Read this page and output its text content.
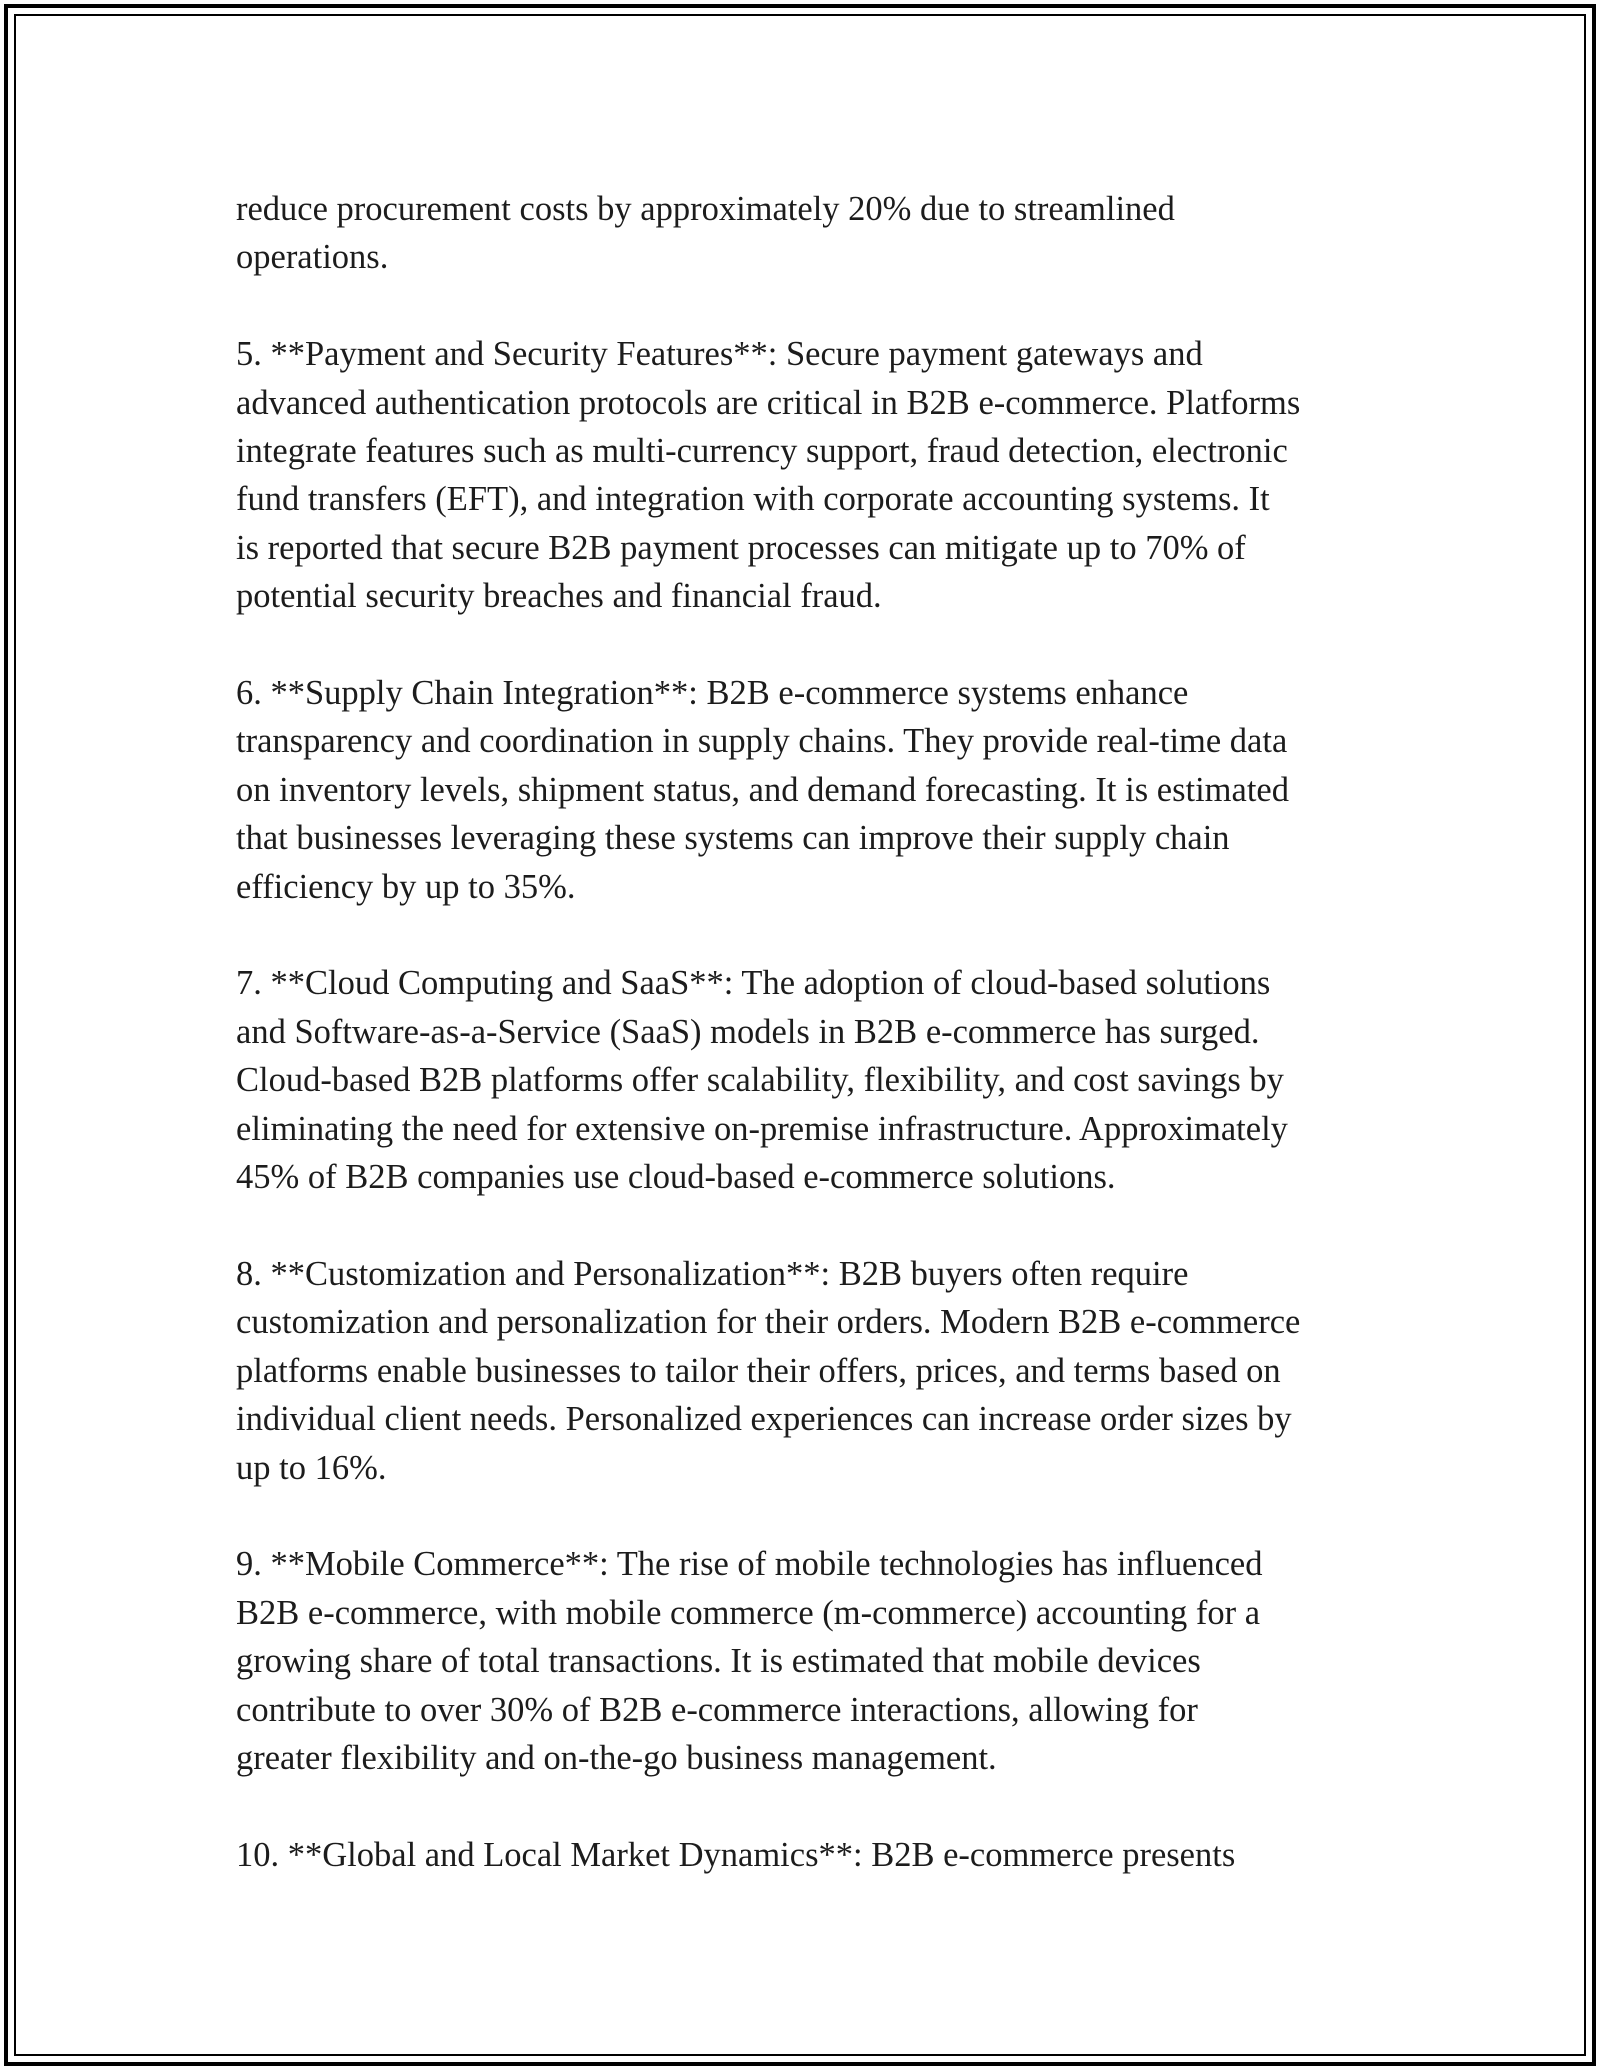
reduce procurement costs by approximately 20% due to streamlined
operations.

5. **Payment and Security Features**: Secure payment gateways and
advanced authentication protocols are critical in B2B e-commerce. Platforms
integrate features such as multi-currency support, fraud detection, electronic
fund transfers (EFT), and integration with corporate accounting systems. It
is reported that secure B2B payment processes can mitigate up to 70% of
potential security breaches and financial fraud.

6. **Supply Chain Integration**: B2B e-commerce systems enhance
transparency and coordination in supply chains. They provide real-time data
on inventory levels, shipment status, and demand forecasting. It is estimated
that businesses leveraging these systems can improve their supply chain
efficiency by up to 35%.

7. **Cloud Computing and SaaS**: The adoption of cloud-based solutions
and Software-as-a-Service (SaaS) models in B2B e-commerce has surged.
Cloud-based B2B platforms offer scalability, flexibility, and cost savings by
eliminating the need for extensive on-premise infrastructure. Approximately
45% of B2B companies use cloud-based e-commerce solutions.

8. **Customization and Personalization**: B2B buyers often require
customization and personalization for their orders. Modern B2B e-commerce
platforms enable businesses to tailor their offers, prices, and terms based on
individual client needs. Personalized experiences can increase order sizes by
up to 16%.

9. **Mobile Commerce**: The rise of mobile technologies has influenced
B2B e-commerce, with mobile commerce (m-commerce) accounting for a
growing share of total transactions. It is estimated that mobile devices
contribute to over 30% of B2B e-commerce interactions, allowing for
greater flexibility and on-the-go business management.

10. **Global and Local Market Dynamics**: B2B e-commerce presents
